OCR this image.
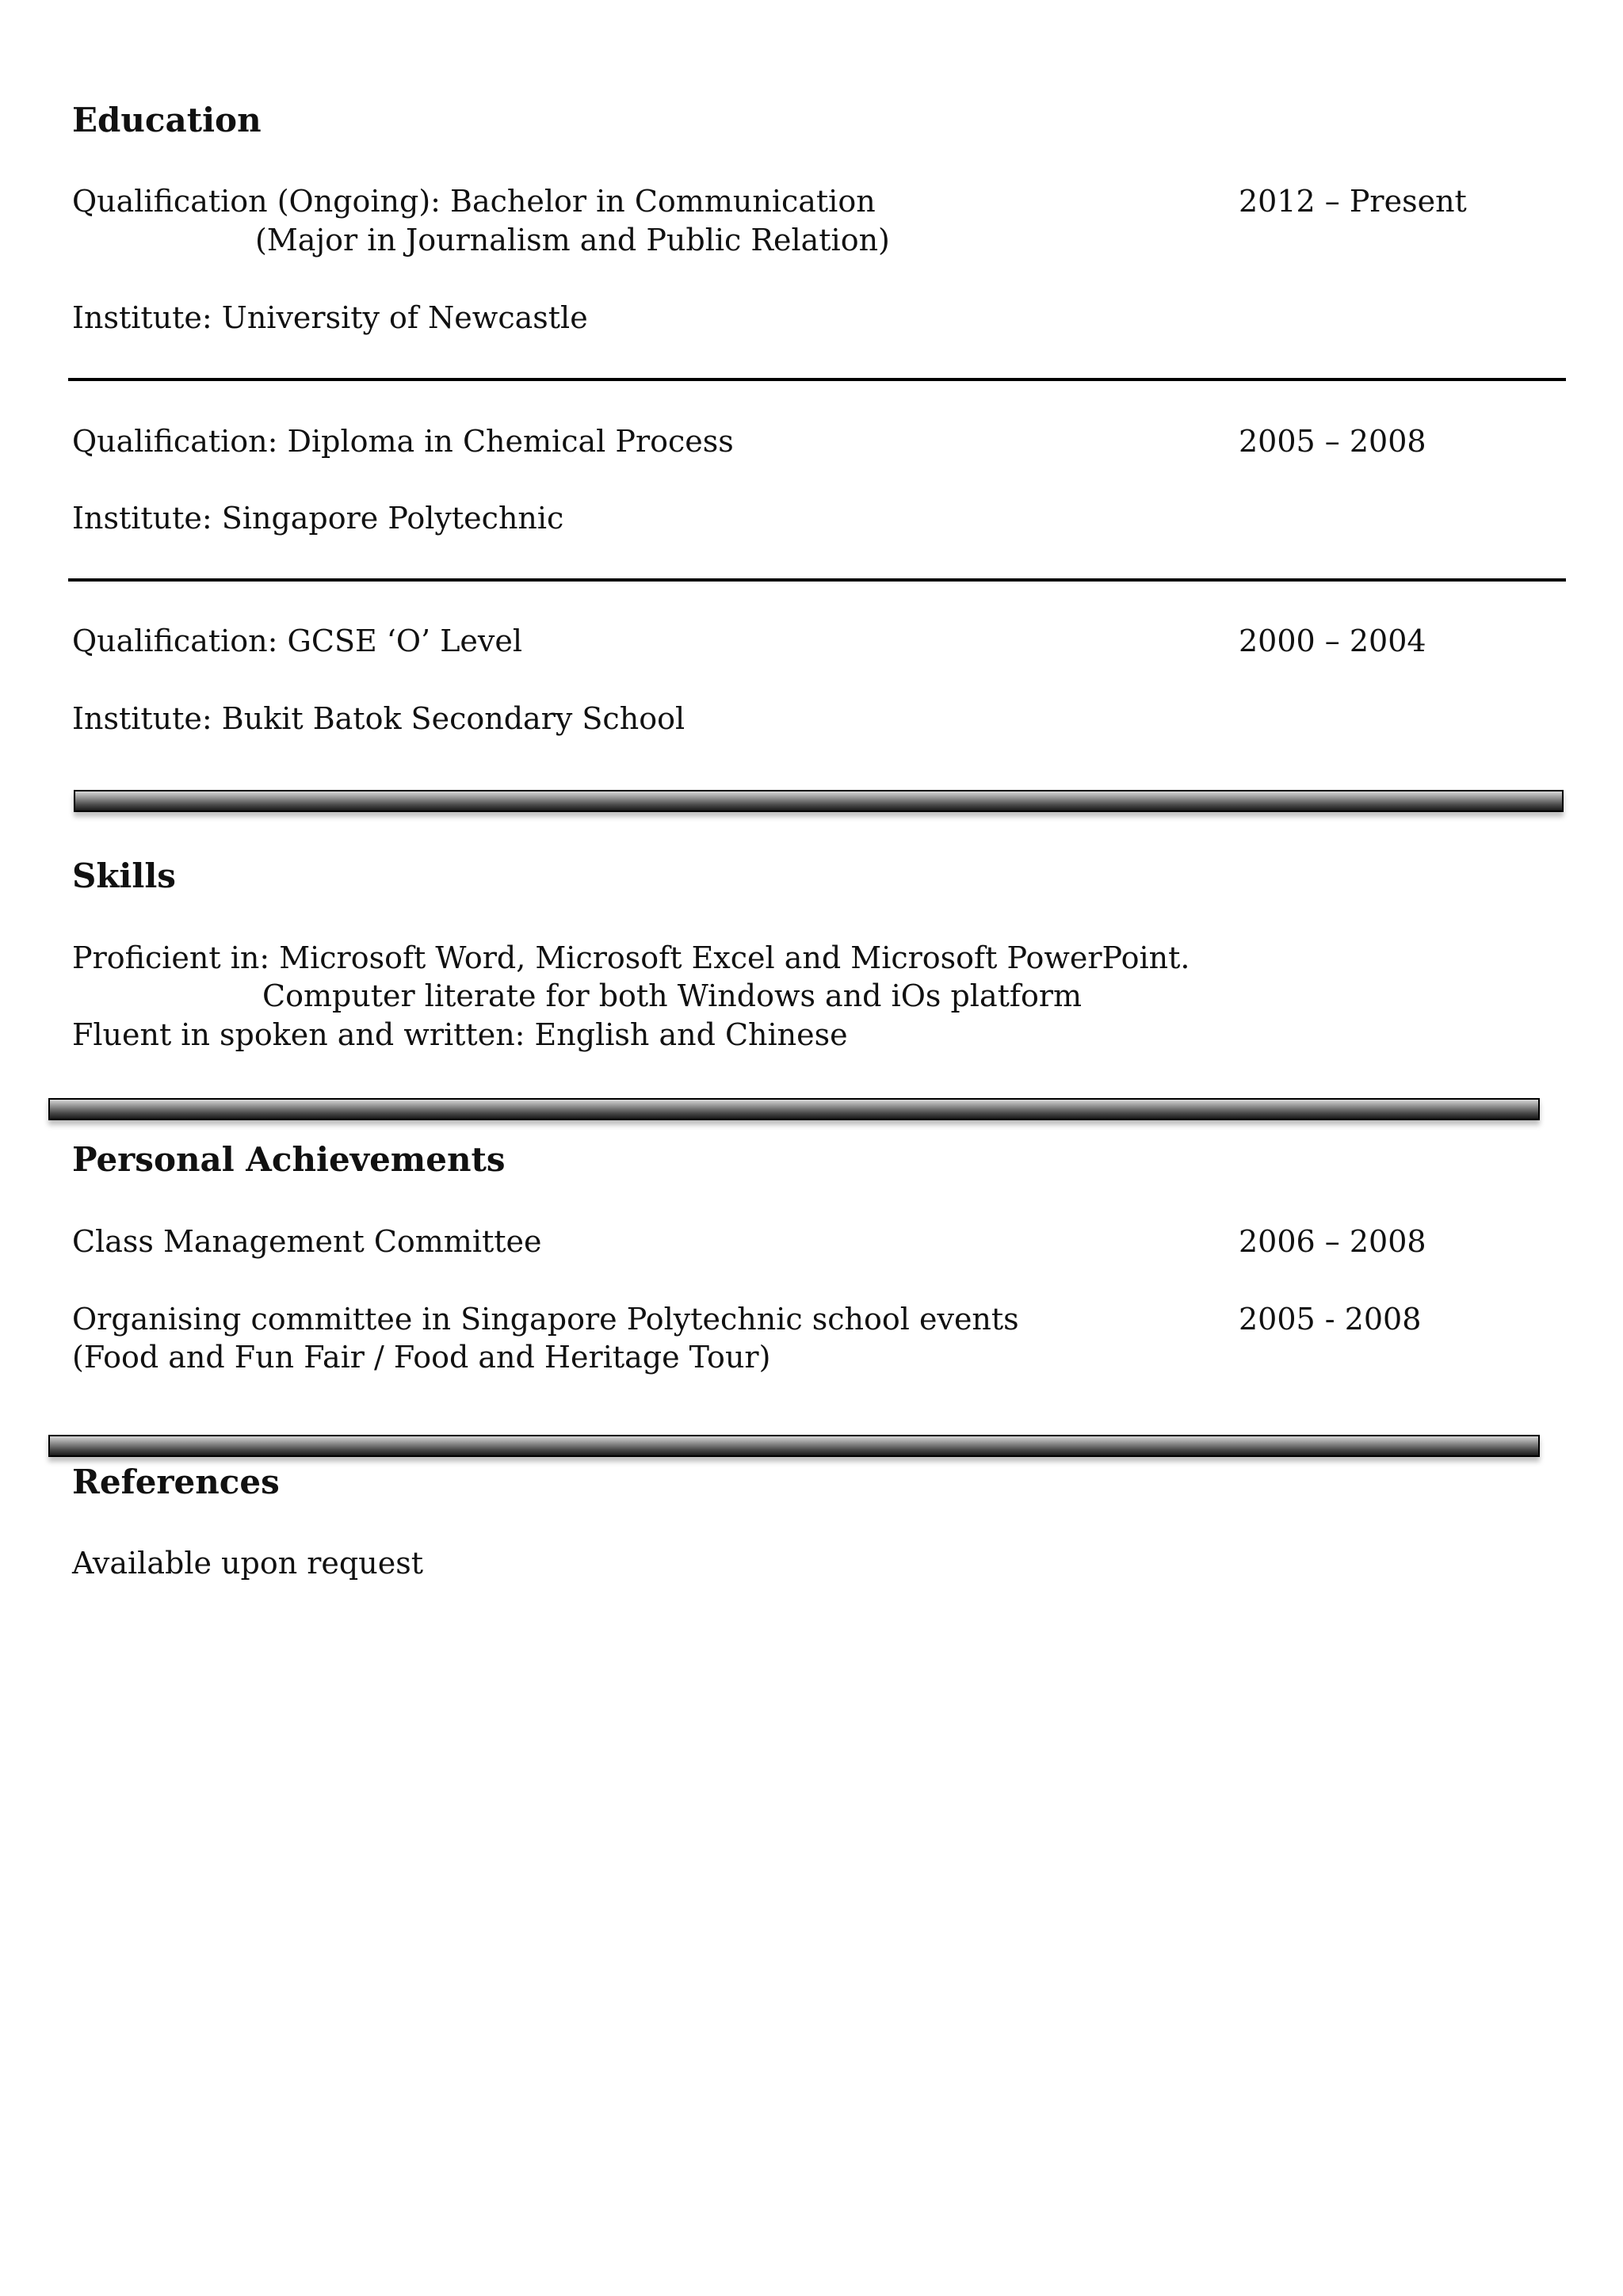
Education
Qualification (Ongoing): Bachelor in Communication	2012 – Present
(Major in Journalism and Public Relation)
Institute: University of Newcastle
Qualification: Diploma in Chemical Process	2005 – 2008
Institute: Singapore Polytechnic
Qualification: GCSE ‘O’ Level	2000 – 2004
Institute: Bukit Batok Secondary School
Skills
Proficient in: Microsoft Word, Microsoft Excel and Microsoft PowerPoint.
Computer literate for both Windows and iOs platform
Fluent in spoken and written: English and Chinese
Personal Achievements
Class Management Committee	2006 – 2008
Organising committee in Singapore Polytechnic school events	2005 - 2008
(Food and Fun Fair / Food and Heritage Tour)
References
Available upon request
